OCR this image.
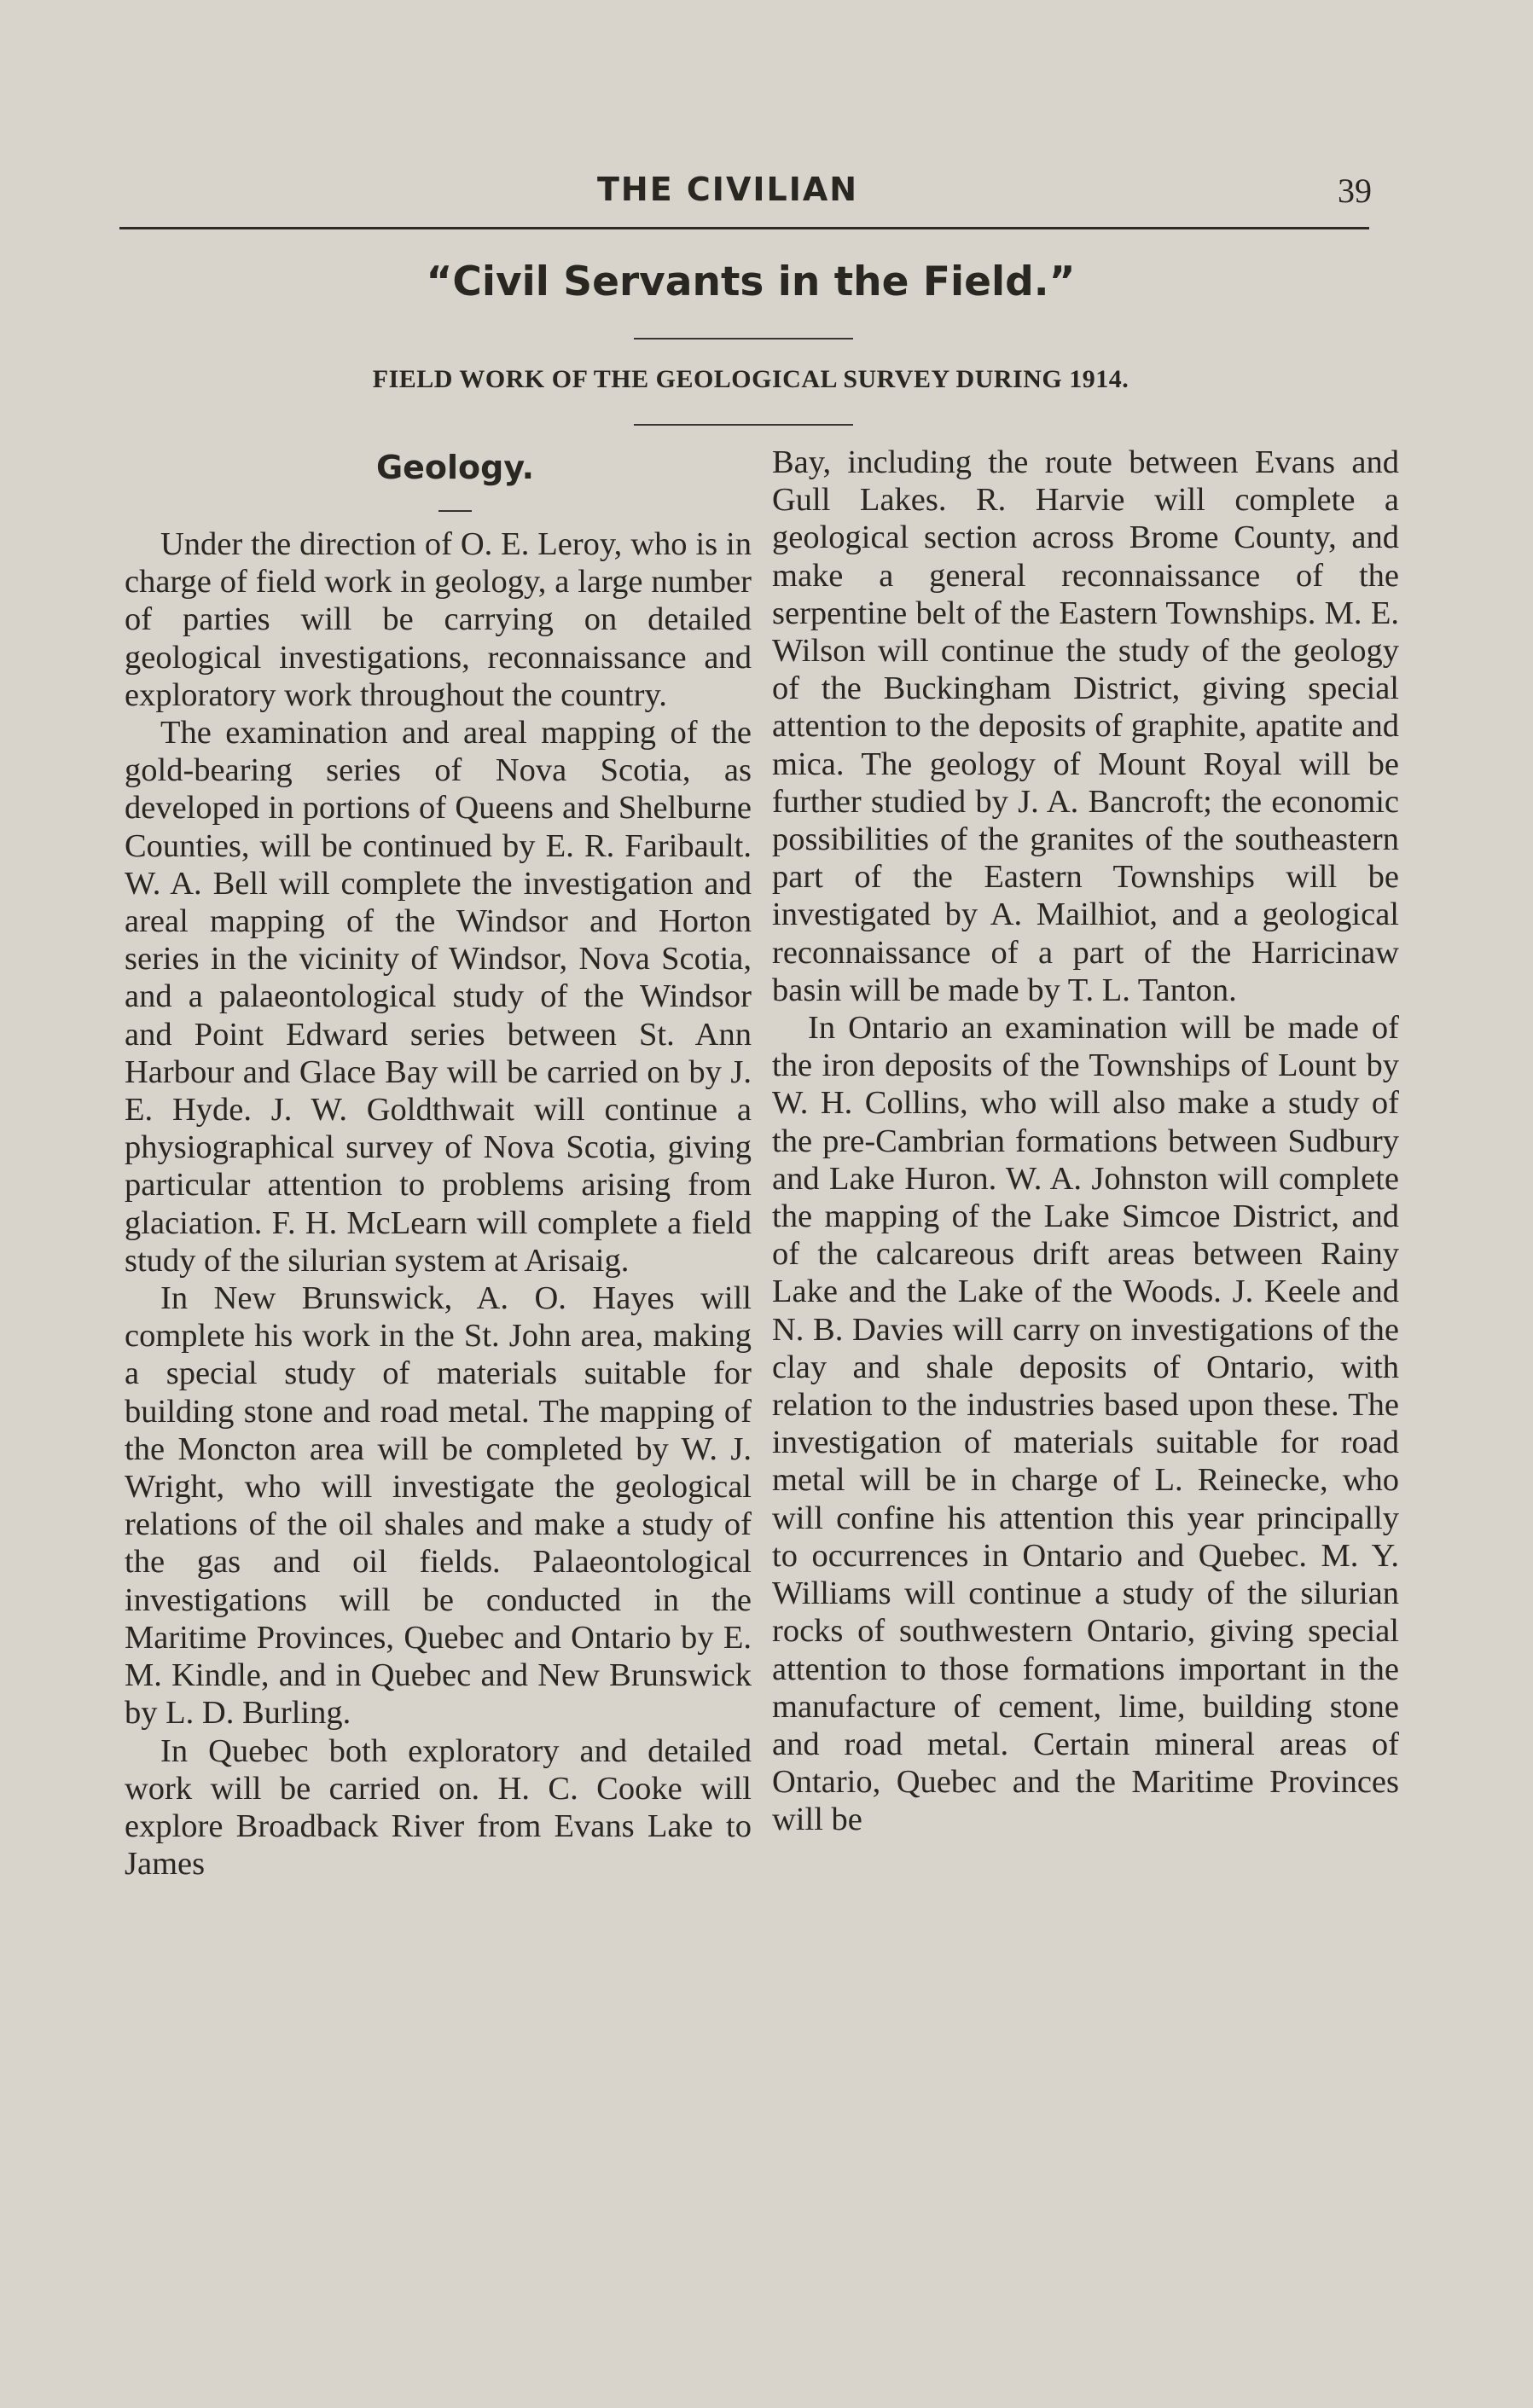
THE CIVILIAN	39
“Civil Servants in the Field.”
FIELD WORK OF THE GEOLOGICAL SURVEY DURING 1914.
Geology.
—

Under the direction of O. E. Leroy, who is in charge of field work in geology, a large number of parties will be carrying on detailed geological investigations, reconnaissance and exploratory work throughout the country.

The examination and areal mapping of the gold-bearing series of Nova Scotia, as developed in portions of Queens and Shelburne Counties, will be continued by E. R. Faribault. W. A. Bell will complete the investigation and areal mapping of the Windsor and Horton series in the vicinity of Windsor, Nova Scotia, and a palaeontological study of the Windsor and Point Edward series between St. Ann Harbour and Glace Bay will be carried on by J. E. Hyde. J. W. Goldthwait will continue a physiographical survey of Nova Scotia, giving particular attention to problems arising from glaciation. F. H. McLearn will complete a field study of the silurian system at Arisaig.

In New Brunswick, A. O. Hayes will complete his work in the St. John area, making a special study of materials suitable for building stone and road metal. The mapping of the Moncton area will be completed by W. J. Wright, who will investigate the geological relations of the oil shales and make a study of the gas and oil fields. Palaeontological investigations will be conducted in the Maritime Provinces, Quebec and Ontario by E. M. Kindle, and in Quebec and New Brunswick by L. D. Burling.

In Quebec both exploratory and detailed work will be carried on. H. C. Cooke will explore Broadback River from Evans Lake to James

Bay, including the route between Evans and Gull Lakes. R. Harvie will complete a geological section across Brome County, and make a general reconnaissance of the serpentine belt of the Eastern Townships. M. E. Wilson will continue the study of the geology of the Buckingham District, giving special attention to the deposits of graphite, apatite and mica. The geology of Mount Royal will be further studied by J. A. Bancroft; the economic possibilities of the granites of the southeastern part of the Eastern Townships will be investigated by A. Mailhiot, and a geological reconnaissance of a part of the Harricinaw basin will be made by T. L. Tanton.

In Ontario an examination will be made of the iron deposits of the Townships of Lount by W. H. Collins, who will also make a study of the pre-Cambrian formations between Sudbury and Lake Huron. W. A. Johnston will complete the mapping of the Lake Simcoe District, and of the calcareous drift areas between Rainy Lake and the Lake of the Woods. J. Keele and N. B. Davies will carry on investigations of the clay and shale deposits of Ontario, with relation to the industries based upon these. The investigation of materials suitable for road metal will be in charge of L. Reinecke, who will confine his attention this year principally to occurrences in Ontario and Quebec. M. Y. Williams will continue a study of the silurian rocks of southwestern Ontario, giving special attention to those formations important in the manufacture of cement, lime, building stone and road metal. Certain mineral areas of Ontario, Quebec and the Maritime Provinces will be
